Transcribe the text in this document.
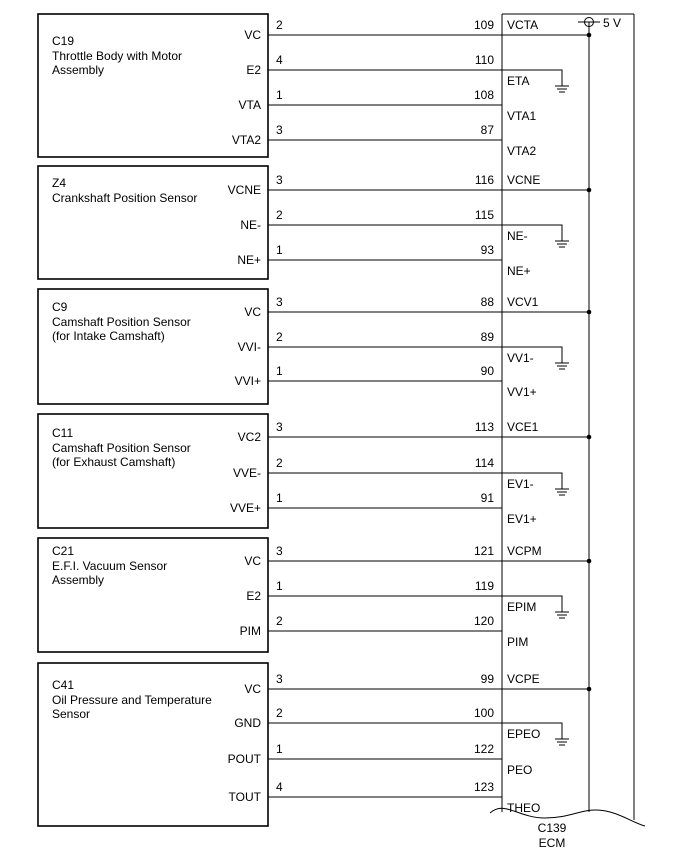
5 V
C139
ECM
C19
Throttle Body with Motor
Assembly
VC
2	109 VCTA
E2
4	110
ETA
VTA
1	108
VTA1
VTA2
3	87
VTA2
Z4
Crankshaft Position Sensor
VCNE
3	116 VCNE
NE-
2	115
NE-
NE+
1	93
NE+
C9
Camshaft Position Sensor
(for Intake Camshaft)
VC
3	88 VCV1
VVI-
2	89
VV1-
VVI+
1	90
VV1+
C11
Camshaft Position Sensor
(for Exhaust Camshaft)
VC2
3	113 VCE1
VVE-
2	114
EV1-
VVE+
1	91
EV1+
C21
E.F.I. Vacuum Sensor
Assembly
VC
3	121 VCPM
E2
1	119
EPIM
PIM
2	120
PIM
C41
Oil Pressure and Temperature
Sensor
VC
3	99 VCPE
GND
2	100
EPEO
POUT
1	122
PEO
TOUT
4	123
THEO
